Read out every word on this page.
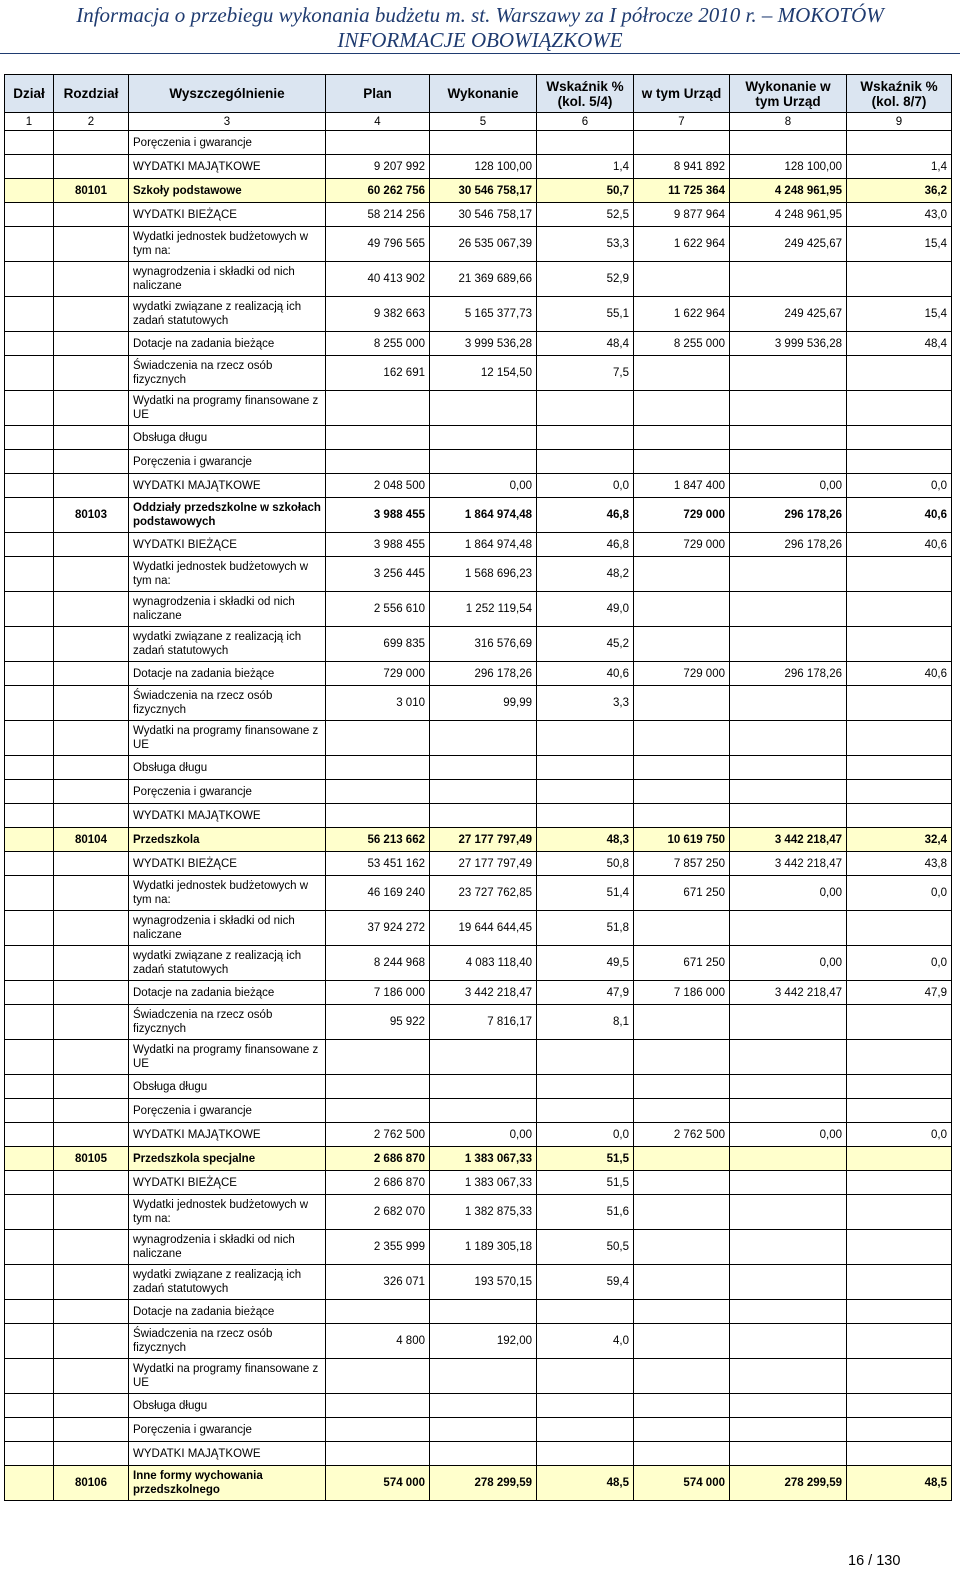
Informacja o przebiegu wykonania budżetu m. st. Warszawy za I półrocze 2010 r. – MOKOTÓW
INFORMACJE OBOWIĄZKOWE
Dział	Rozdział	Wyszczególnienie	Plan	Wykonanie	Wskaźnik % (kol. 5/4)	w tym Urząd	Wykonanie w tym Urząd	Wskaźnik % (kol. 8/7)
1	2	3	4	5	6	7	8	9
		Poręczenia i gwarancje						
		WYDATKI MAJĄTKOWE	9 207 992	128 100,00	1,4	8 941 892	128 100,00	1,4
	80101	Szkoły podstawowe	60 262 756	30 546 758,17	50,7	11 725 364	4 248 961,95	36,2
		WYDATKI BIEŻĄCE	58 214 256	30 546 758,17	52,5	9 877 964	4 248 961,95	43,0
		Wydatki jednostek budżetowych w tym na:	49 796 565	26 535 067,39	53,3	1 622 964	249 425,67	15,4
		wynagrodzenia i składki od nich naliczane	40 413 902	21 369 689,66	52,9			
		wydatki związane z realizacją ich zadań statutowych	9 382 663	5 165 377,73	55,1	1 622 964	249 425,67	15,4
		Dotacje na zadania bieżące	8 255 000	3 999 536,28	48,4	8 255 000	3 999 536,28	48,4
		Świadczenia na rzecz osób fizycznych	162 691	12 154,50	7,5			
		Wydatki na programy finansowane z UE						
		Obsługa długu						
		Poręczenia i gwarancje						
		WYDATKI MAJĄTKOWE	2 048 500	0,00	0,0	1 847 400	0,00	0,0
	80103	Oddziały przedszkolne w szkołach podstawowych	3 988 455	1 864 974,48	46,8	729 000	296 178,26	40,6
		WYDATKI BIEŻĄCE	3 988 455	1 864 974,48	46,8	729 000	296 178,26	40,6
		Wydatki jednostek budżetowych w tym na:	3 256 445	1 568 696,23	48,2			
		wynagrodzenia i składki od nich naliczane	2 556 610	1 252 119,54	49,0			
		wydatki związane z realizacją ich zadań statutowych	699 835	316 576,69	45,2			
		Dotacje na zadania bieżące	729 000	296 178,26	40,6	729 000	296 178,26	40,6
		Świadczenia na rzecz osób fizycznych	3 010	99,99	3,3			
		Wydatki na programy finansowane z UE						
		Obsługa długu						
		Poręczenia i gwarancje						
		WYDATKI MAJĄTKOWE						
	80104	Przedszkola	56 213 662	27 177 797,49	48,3	10 619 750	3 442 218,47	32,4
		WYDATKI BIEŻĄCE	53 451 162	27 177 797,49	50,8	7 857 250	3 442 218,47	43,8
		Wydatki jednostek budżetowych w tym na:	46 169 240	23 727 762,85	51,4	671 250	0,00	0,0
		wynagrodzenia i składki od nich naliczane	37 924 272	19 644 644,45	51,8			
		wydatki związane z realizacją ich zadań statutowych	8 244 968	4 083 118,40	49,5	671 250	0,00	0,0
		Dotacje na zadania bieżące	7 186 000	3 442 218,47	47,9	7 186 000	3 442 218,47	47,9
		Świadczenia na rzecz osób fizycznych	95 922	7 816,17	8,1			
		Wydatki na programy finansowane z UE						
		Obsługa długu						
		Poręczenia i gwarancje						
		WYDATKI MAJĄTKOWE	2 762 500	0,00	0,0	2 762 500	0,00	0,0
	80105	Przedszkola specjalne	2 686 870	1 383 067,33	51,5			
		WYDATKI BIEŻĄCE	2 686 870	1 383 067,33	51,5			
		Wydatki jednostek budżetowych w tym na:	2 682 070	1 382 875,33	51,6			
		wynagrodzenia i składki od nich naliczane	2 355 999	1 189 305,18	50,5			
		wydatki związane z realizacją ich zadań statutowych	326 071	193 570,15	59,4			
		Dotacje na zadania bieżące						
		Świadczenia na rzecz osób fizycznych	4 800	192,00	4,0			
		Wydatki na programy finansowane z UE						
		Obsługa długu						
		Poręczenia i gwarancje						
		WYDATKI MAJĄTKOWE						
	80106	Inne formy wychowania przedszkolnego	574 000	278 299,59	48,5	574 000	278 299,59	48,5
16 / 130
